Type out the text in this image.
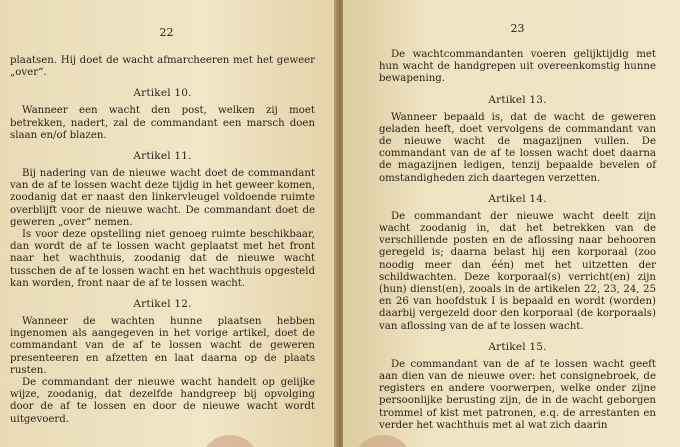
22

plaatsen. Hij doet de wacht afmarcheeren met het geweer „over“.

Artikel 10.

Wanneer een wacht den post, welken zij moet betrekken, nadert, zal de commandant een marsch doen slaan en/of blazen.

Artikel 11.

Bij nadering van de nieuwe wacht doet de commandant van de af te lossen wacht deze tijdig in het geweer komen, zoodanig dat er naast den linkervleugel voldoende ruimte overblijft voor de nieuwe wacht. De commandant doet de geweren „over“ nemen.

Is voor deze opstelling niet genoeg ruimte beschikbaar, dan wordt de af te lossen wacht geplaatst met het front naar het wachthuis, zoodanig dat de nieuwe wacht tusschen de af te lossen wacht en het wachthuis opgesteld kan worden, front naar de af te lossen wacht.

Artikel 12.

Wanneer de wachten hunne plaatsen hebben ingenomen als aangegeven in het vorige artikel, doet de commandant van de af te lossen wacht de geweren presenteeren en afzetten en laat daarna op de plaats rusten.

De commandant der nieuwe wacht handelt op gelijke wijze, zoodanig, dat dezelfde handgreep bij opvolging door de af te lossen en door de nieuwe wacht wordt uitgevoerd.

23

De wachtcommandanten voeren gelijktijdig met hun wacht de handgrepen uit overeenkomstig hunne bewapening.

Artikel 13.

Wanneer bepaald is, dat de wacht de geweren geladen heeft, doet vervolgens de commandant van de nieuwe wacht de magazijnen vullen. De commandant van de af te lossen wacht doet daarna de magazijnen ledigen, tenzij bepaalde bevelen of omstandigheden zich daartegen verzetten.

Artikel 14.

De commandant der nieuwe wacht deelt zijn wacht zoodanig in, dat het betrekken van de verschillende posten en de aflossing naar behooren geregeld is; daarna belast hij een korporaal (zoo noodig meer dan één) met het uitzetten der schildwachten. Deze korporaal(s) verricht(en) zijn (hun) dienst(en), zooals in de artikelen 22, 23, 24, 25 en 26 van hoofdstuk I is bepaald en wordt (worden) daarbij vergezeld door den korporaal (de korporaals) van aflossing van de af te lossen wacht.

Artikel 15.

De commandant van de af te lossen wacht geeft aan dien van de nieuwe over: het consignebroek, de registers en andere voorwerpen, welke onder zijne persoonlijke berusting zijn, de in de wacht geborgen trommel of kist met patronen, e.q. de arrestanten en verder het wachthuis met al wat zich daarin
